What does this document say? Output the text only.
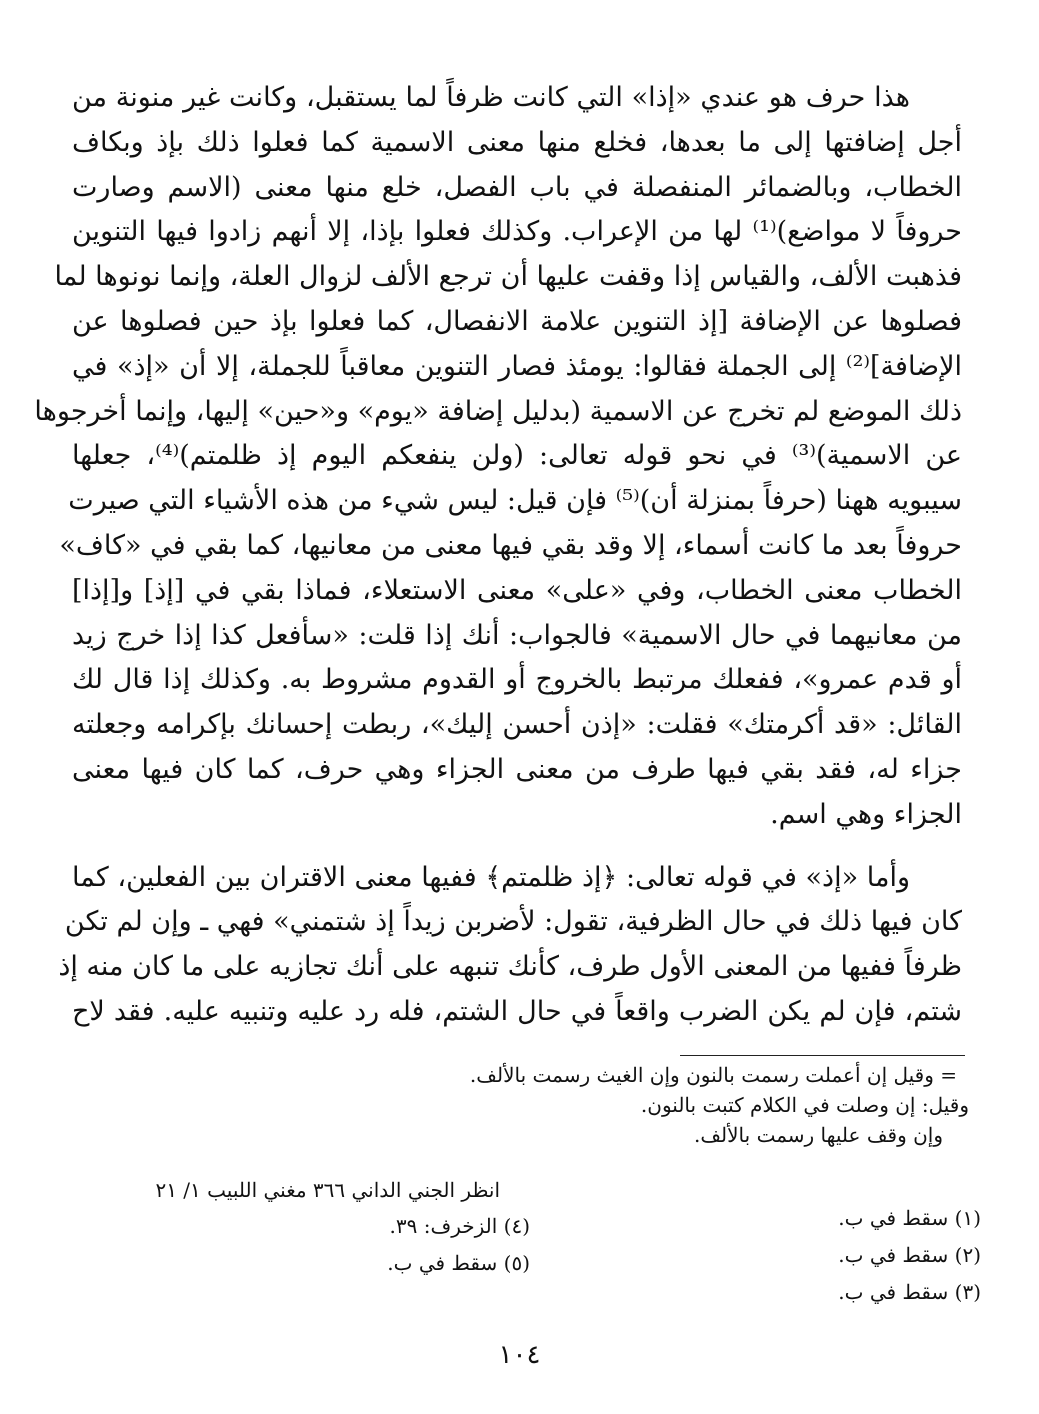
هذا حرف هو عندي «إذا» التي كانت ظرفاً لما يستقبل، وكانت غير منونة من
أجل إضافتها إلى ما بعدها، فخلع منها معنى الاسمية كما فعلوا ذلك بإذ وبكاف
الخطاب، وبالضمائر المنفصلة في باب الفصل، خلع منها معنى (الاسم وصارت
حروفاً لا مواضع)⁽¹⁾ لها من الإعراب. وكذلك فعلوا بإذا، إلا أنهم زادوا فيها التنوين
فذهبت الألف، والقياس إذا وقفت عليها أن ترجع الألف لزوال العلة، وإنما نونوها لما
فصلوها عن الإضافة [إذ التنوين علامة الانفصال، كما فعلوا بإذ حين فصلوها عن
الإضافة]⁽²⁾ إلى الجملة فقالوا: يومئذ فصار التنوين معاقباً للجملة، إلا أن «إذ» في
ذلك الموضع لم تخرج عن الاسمية (بدليل إضافة «يوم» و«حين» إليها، وإنما أخرجوها
عن الاسمية)⁽³⁾ في نحو قوله تعالى: (ولن ينفعكم اليوم إذ ظلمتم)⁽⁴⁾، جعلها
سيبويه ههنا (حرفاً بمنزلة أن)⁽⁵⁾ فإن قيل: ليس شيء من هذه الأشياء التي صيرت
حروفاً بعد ما كانت أسماء، إلا وقد بقي فيها معنى من معانيها، كما بقي في «كاف»
الخطاب معنى الخطاب، وفي «على» معنى الاستعلاء، فماذا بقي في [إذ] و[إذا]
من معانيهما في حال الاسمية» فالجواب: أنك إذا قلت: «سأفعل كذا إذا خرج زيد
أو قدم عمرو»، ففعلك مرتبط بالخروج أو القدوم مشروط به. وكذلك إذا قال لك
القائل: «قد أكرمتك» فقلت: «إذن أحسن إليك»، ربطت إحسانك بإكرامه وجعلته
جزاء له، فقد بقي فيها طرف من معنى الجزاء وهي حرف، كما كان فيها معنى
الجزاء وهي اسم.

وأما «إذ» في قوله تعالى: ﴿إذ ظلمتم﴾ ففيها معنى الاقتران بين الفعلين، كما
كان فيها ذلك في حال الظرفية، تقول: لأضربن زيداً إذ شتمني» فهي ـ وإن لم تكن
ظرفاً ففيها من المعنى الأول طرف، كأنك تنبهه على أنك تجازيه على ما كان منه إذ
شتم، فإن لم يكن الضرب واقعاً في حال الشتم، فله رد عليه وتنبيه عليه. فقد لاح

= وقيل إن أعملت رسمت بالنون وإن الغيث رسمت بالألف.
وقيل: إن وصلت في الكلام كتبت بالنون.
وإن وقف عليها رسمت بالألف.
انظر الجني الداني ٣٦٦ مغني اللبيب ١/ ٢١
(١) سقط في ب.
(٢) سقط في ب.
(٣) سقط في ب.
(٤) الزخرف: ٣٩.
(٥) سقط في ب.
١٠٤
